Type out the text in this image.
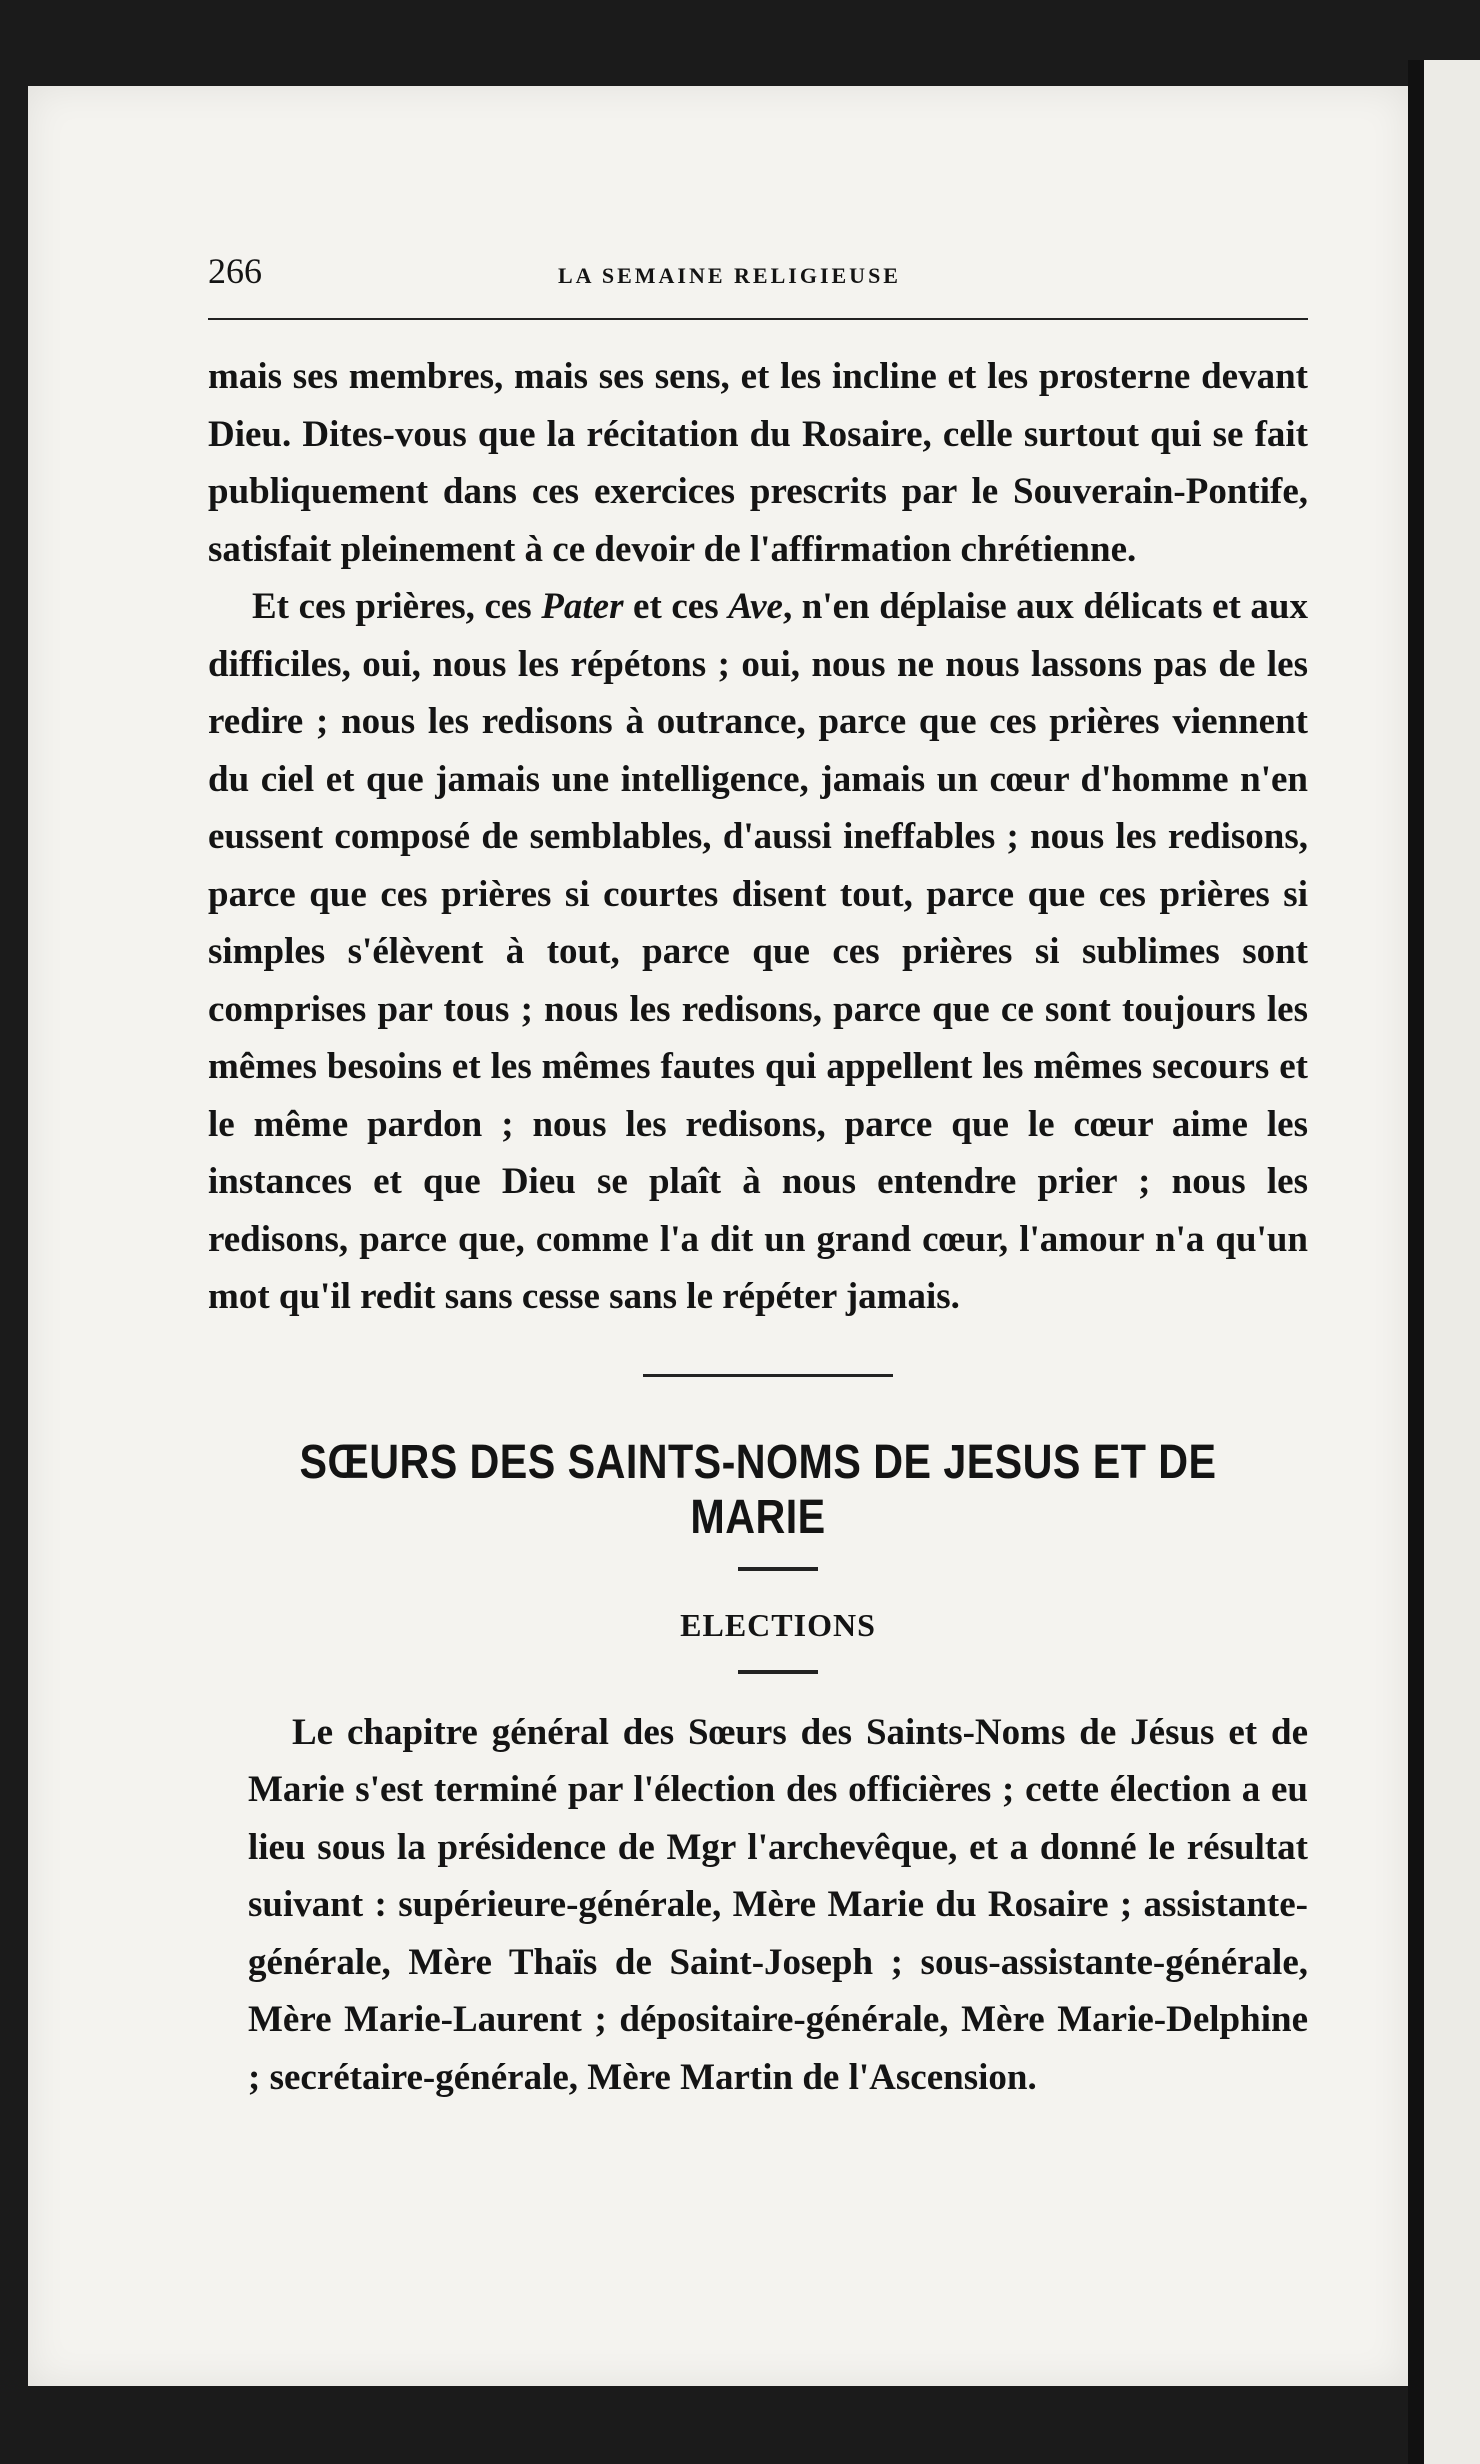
266	LA SEMAINE RELIGIEUSE

mais ses membres, mais ses sens, et les incline et les prosterne devant Dieu. Dites-vous que la récitation du Rosaire, celle surtout qui se fait publiquement dans ces exercices prescrits par le Souverain-Pontife, satisfait pleinement à ce devoir de l'affirmation chrétienne.

Et ces prières, ces Pater et ces Ave, n'en déplaise aux délicats et aux difficiles, oui, nous les répétons ; oui, nous ne nous lassons pas de les redire ; nous les redisons à outrance, parce que ces prières viennent du ciel et que jamais une intelligence, jamais un cœur d'homme n'en eussent composé de semblables, d'aussi ineffables ; nous les redisons, parce que ces prières si courtes disent tout, parce que ces prières si simples s'élèvent à tout, parce que ces prières si sublimes sont comprises par tous ; nous les redisons, parce que ce sont toujours les mêmes besoins et les mêmes fautes qui appellent les mêmes secours et le même pardon ; nous les redisons, parce que le cœur aime les instances et que Dieu se plaît à nous entendre prier ; nous les redisons, parce que, comme l'a dit un grand cœur, l'amour n'a qu'un mot qu'il redit sans cesse sans le répéter jamais.

SŒURS DES SAINTS-NOMS DE JESUS ET DE MARIE
ELECTIONS

Le chapitre général des Sœurs des Saints-Noms de Jésus et de Marie s'est terminé par l'élection des officières ; cette élection a eu lieu sous la présidence de Mgr l'archevêque, et a donné le résultat suivant : supérieure-générale, Mère Marie du Rosaire ; assistante-générale, Mère Thaïs de Saint-Joseph ; sous-assistante-générale, Mère Marie-Laurent ; dépositaire-générale, Mère Marie-Delphine ; secrétaire-générale, Mère Martin de l'Ascension.
